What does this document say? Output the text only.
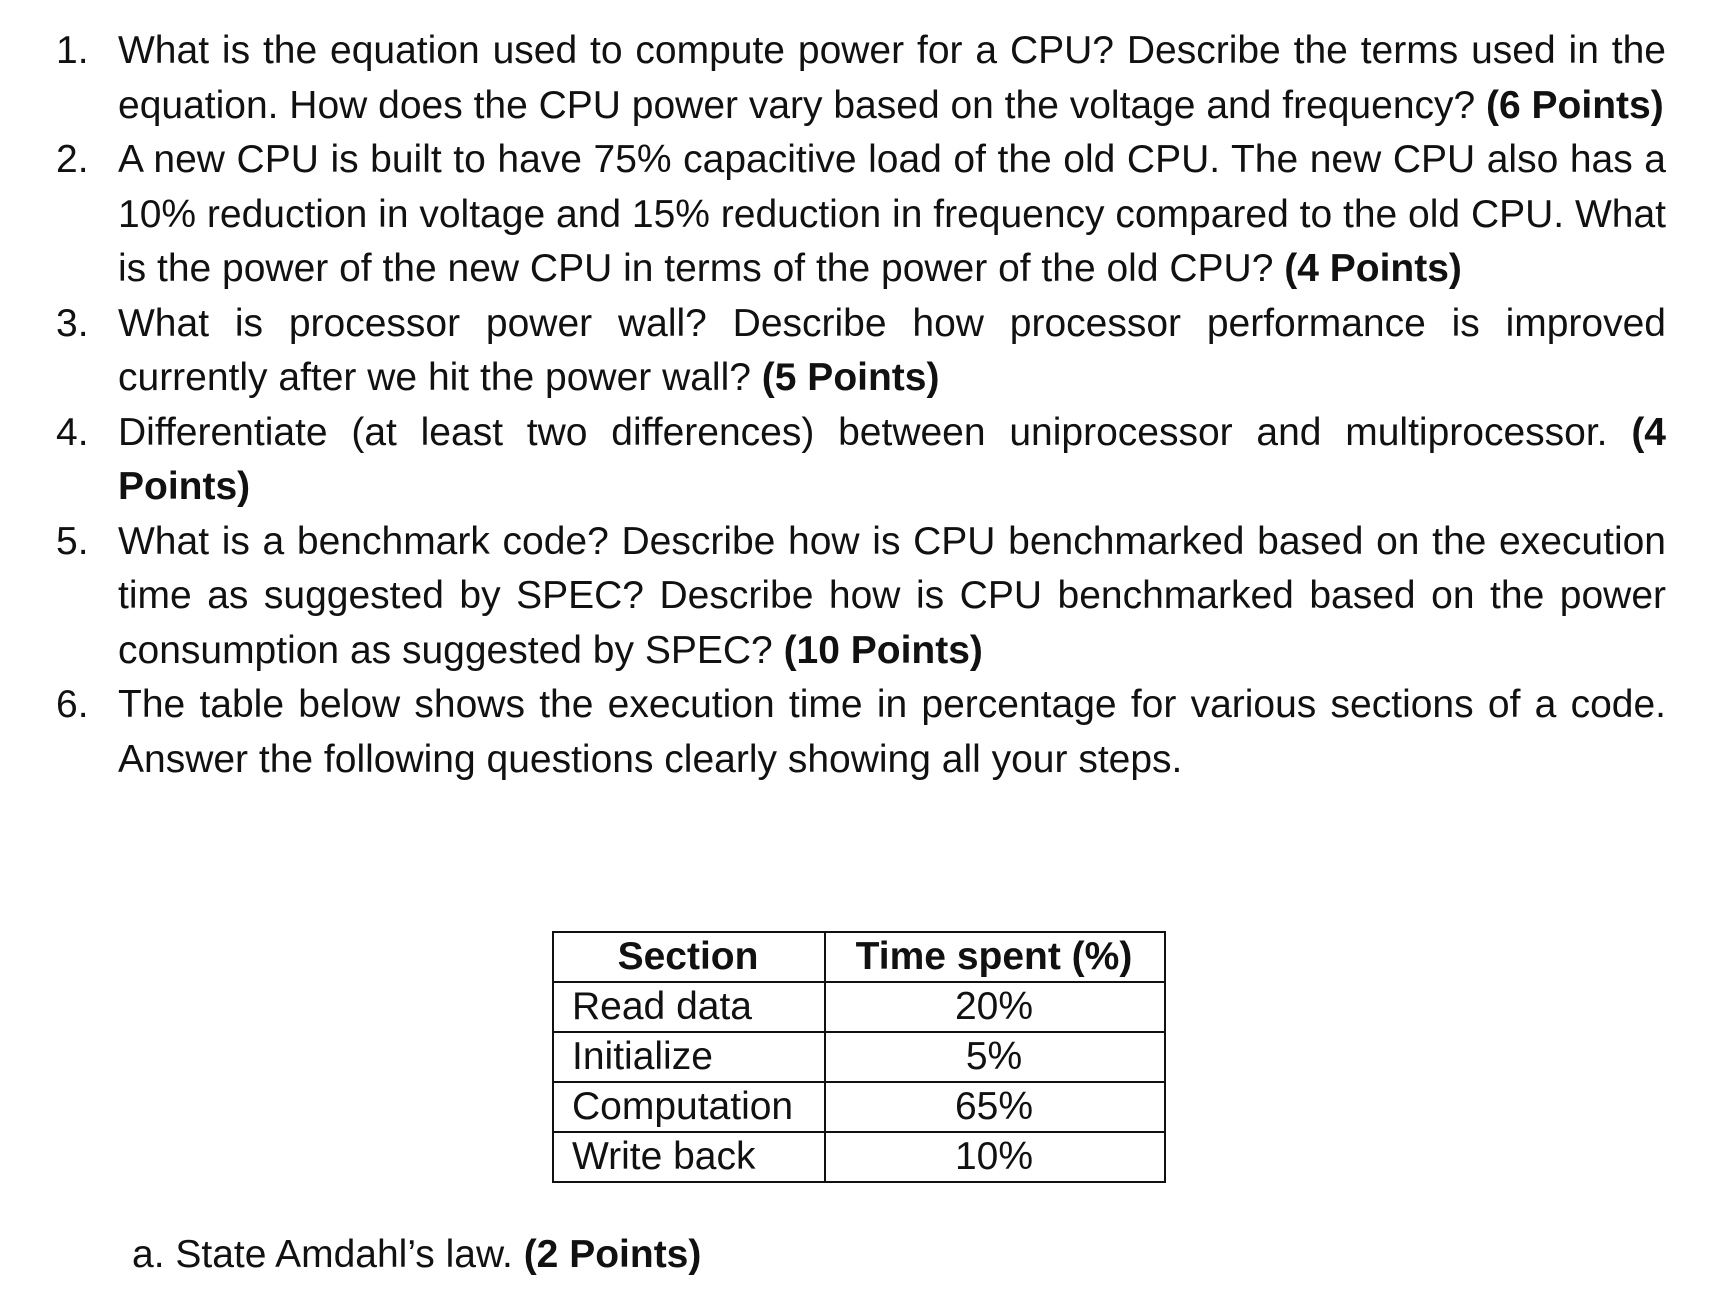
1. What is the equation used to compute power for a CPU? Describe the terms used in the equation. How does the CPU power vary based on the voltage and frequency? (6 Points)
2. A new CPU is built to have 75% capacitive load of the old CPU. The new CPU also has a 10% reduction in voltage and 15% reduction in frequency compared to the old CPU. What is the power of the new CPU in terms of the power of the old CPU? (4 Points)
3. What is processor power wall? Describe how processor performance is improved currently after we hit the power wall? (5 Points)
4. Differentiate (at least two differences) between uniprocessor and multiprocessor. (4 Points)
5. What is a benchmark code? Describe how is CPU benchmarked based on the execution time as suggested by SPEC? Describe how is CPU benchmarked based on the power consumption as suggested by SPEC? (10 Points)
6. The table below shows the execution time in percentage for various sections of a code. Answer the following questions clearly showing all your steps.
Section	Time spent (%)
Read data	20%
Initialize	5%
Computation	65%
Write back	10%
a. State Amdahl’s law. (2 Points)
